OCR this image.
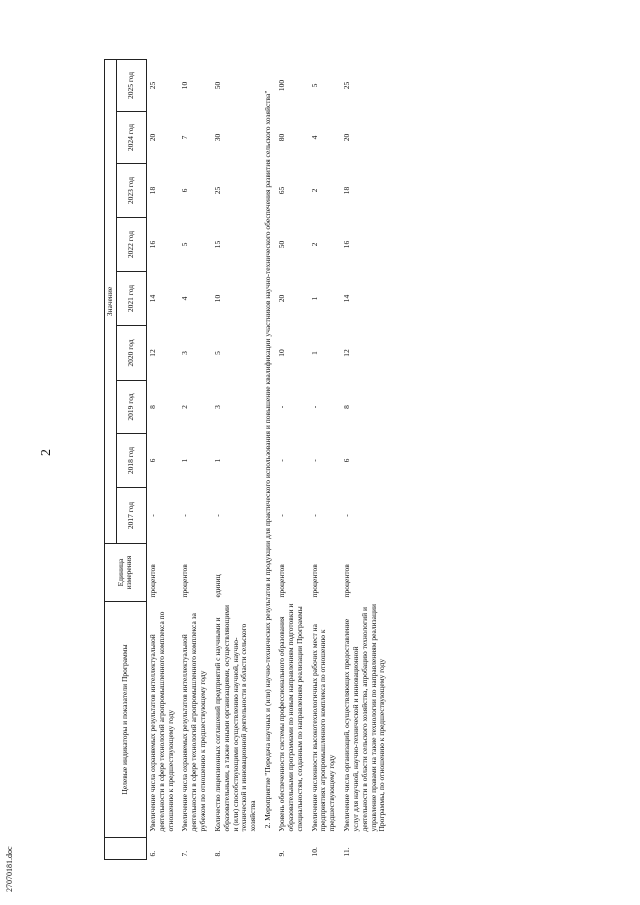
2
27070181.doc
	Целевые индикаторы и показатели Программы	Единица измерения	Значение								
			2017 год	2018 год	2019 год	2020 год	2021 год	2022 год	2023 год	2024 год	2025 год
6.	Увеличение числа охраняемых результатов интеллектуальной деятельности в сфере технологий агропромышленного комплекса по отношению к предшествующему году	процентов	-	6	8	12	14	16	18	20	25
7.	Увеличение числа охраняемых результатов интеллектуальной деятельности в сфере технологий агропромышленного комплекса за рубежом по отношению к предшествующему году	процентов	-	1	2	3	4	5	6	7	10
8.	Количество лицензионных соглашений предприятий с научными и образовательными, а также иными организациями, осуществляющими и (или) способствующими осуществлению научной, научно-технической и инновационной деятельности в области сельского хозяйства	единиц	-	1	3	5	10	15	25	30	50
2. Мероприятие "Передача научных и (или) научно-технических результатов и продукции для практического использования и повышение квалификации участников научно-технического обеспечения развития сельского хозяйства"											
9.	Уровень обеспеченности системы профессионального образования образовательными программами по новым направлениям подготовки и специальностям, созданным по направлениям реализации Программы	процентов	-	-	-	10	20	50	65	80	100
10.	Увеличение численности высокотехнологичных рабочих мест на предприятиях агропромышленного комплекса по отношению к предшествующему году	процентов	-	-	-	1	1	2	2	4	5
11.	Увеличение числа организаций, осуществляющих предоставление услуг для научной, научно-технической и инновационной деятельности в области сельского хозяйства, апробацию технологий и управление правами на такие технологии по направлениям реализации Программы, по отношению к предшествующему году	процентов	-	6	8	12	14	16	18	20	25
